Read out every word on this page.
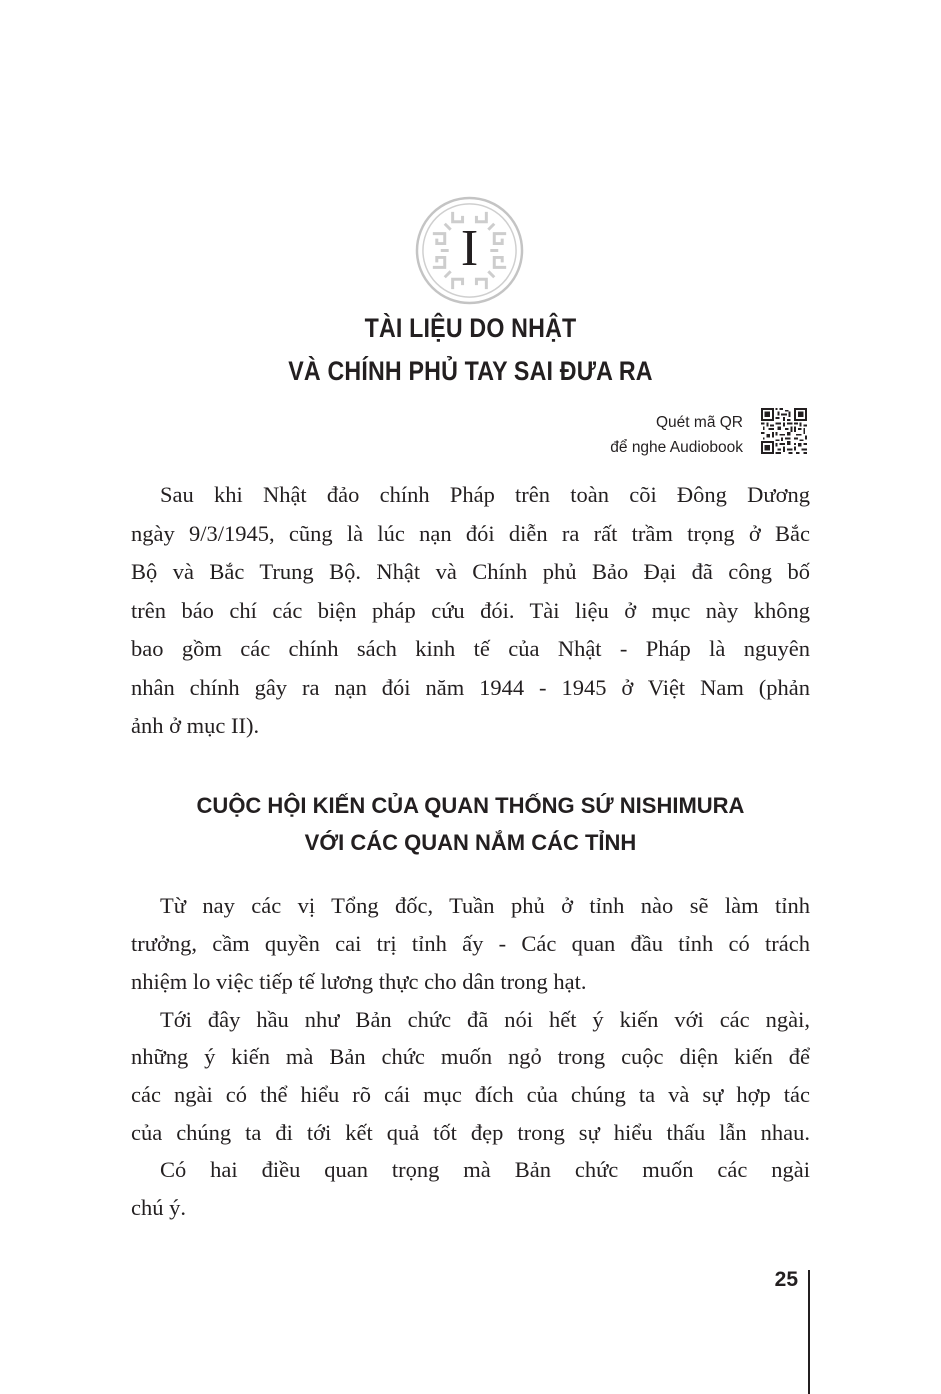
I
TÀI LIỆU DO NHẬT
VÀ CHÍNH PHỦ TAY SAI ĐƯA RA
Quét mã QR
để nghe Audiobook
Sau khi Nhật đảo chính Pháp trên toàn cõi Đông Dương
ngày 9/3/1945, cũng là lúc nạn đói diễn ra rất trầm trọng ở Bắc
Bộ và Bắc Trung Bộ. Nhật và Chính phủ Bảo Đại đã công bố
trên báo chí các biện pháp cứu đói. Tài liệu ở mục này không
bao gồm các chính sách kinh tế của Nhật - Pháp là nguyên
nhân chính gây ra nạn đói năm 1944 - 1945 ở Việt Nam (phản
ảnh ở mục II).
CUỘC HỘI KIẾN CỦA QUAN THỐNG SỨ NISHIMURA
VỚI CÁC QUAN NẮM CÁC TỈNH
Từ nay các vị Tổng đốc, Tuần phủ ở tỉnh nào sẽ làm tỉnh
trưởng, cầm quyền cai trị tỉnh ấy - Các quan đầu tỉnh có trách
nhiệm lo việc tiếp tế lương thực cho dân trong hạt.
Tới đây hầu như Bản chức đã nói hết ý kiến với các ngài,
những ý kiến mà Bản chức muốn ngỏ trong cuộc diện kiến để
các ngài có thể hiểu rõ cái mục đích của chúng ta và sự hợp tác
của chúng ta đi tới kết quả tốt đẹp trong sự hiểu thấu lẫn nhau.
Có hai điều quan trọng mà Bản chức muốn các ngài
chú ý.
25
